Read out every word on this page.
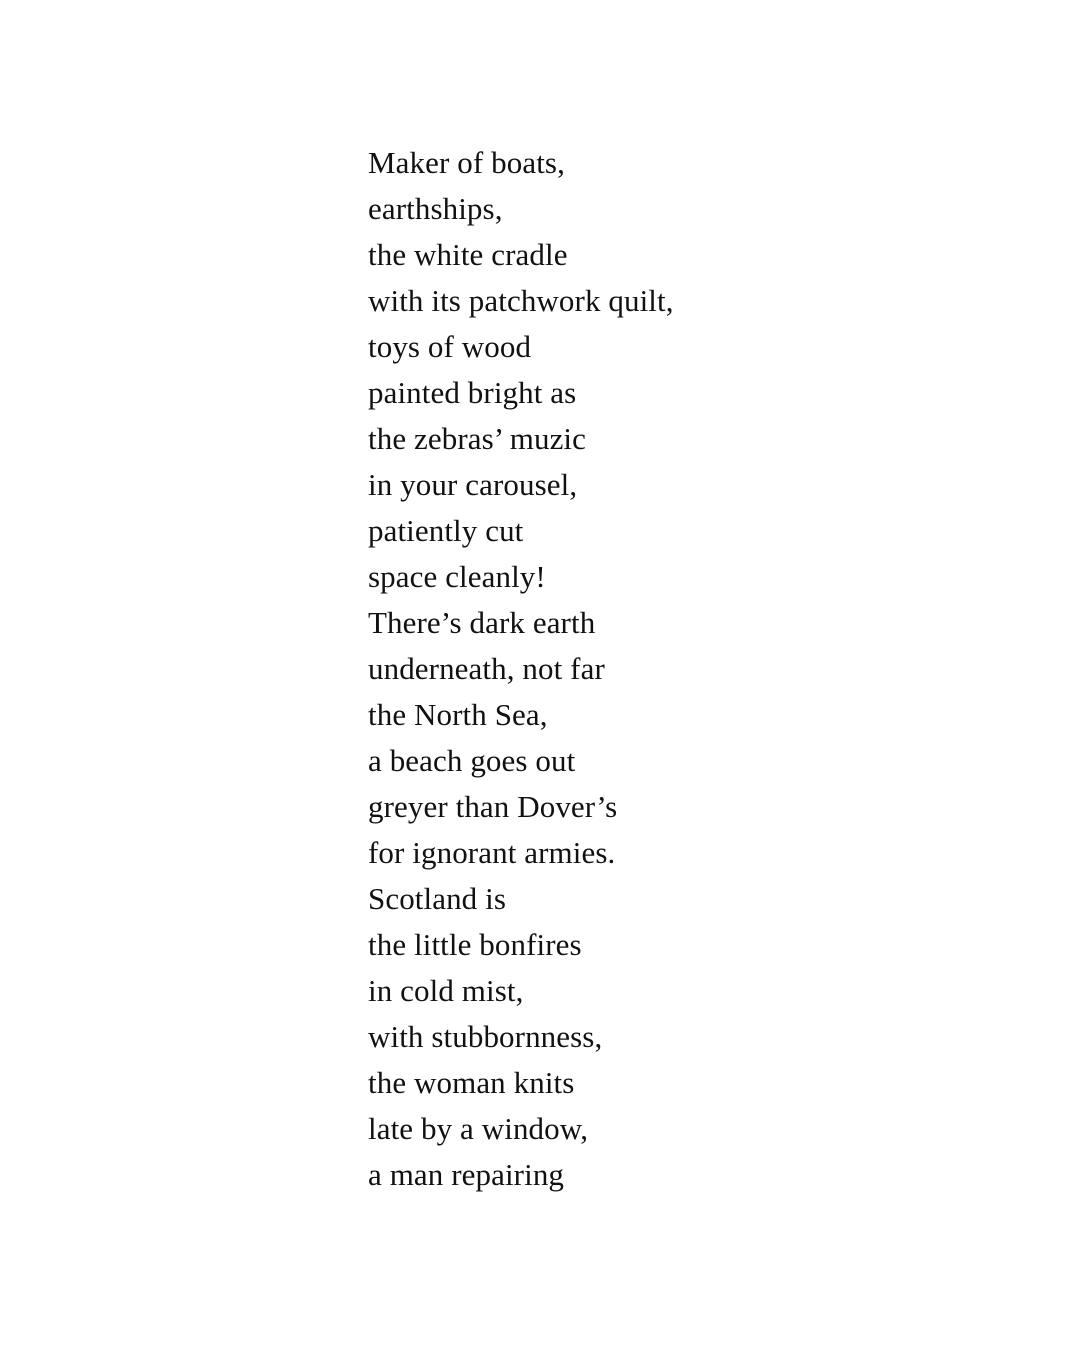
Maker of boats,
earthships,
the white cradle
with its patchwork quilt,
toys of wood
painted bright as
the zebras’ muzic
in your carousel,
patiently cut
space cleanly!
There’s dark earth
underneath, not far
the North Sea,
a beach goes out
greyer than Dover’s
for ignorant armies.
Scotland is
the little bonfires
in cold mist,
with stubbornness,
the woman knits
late by a window,
a man repairing
